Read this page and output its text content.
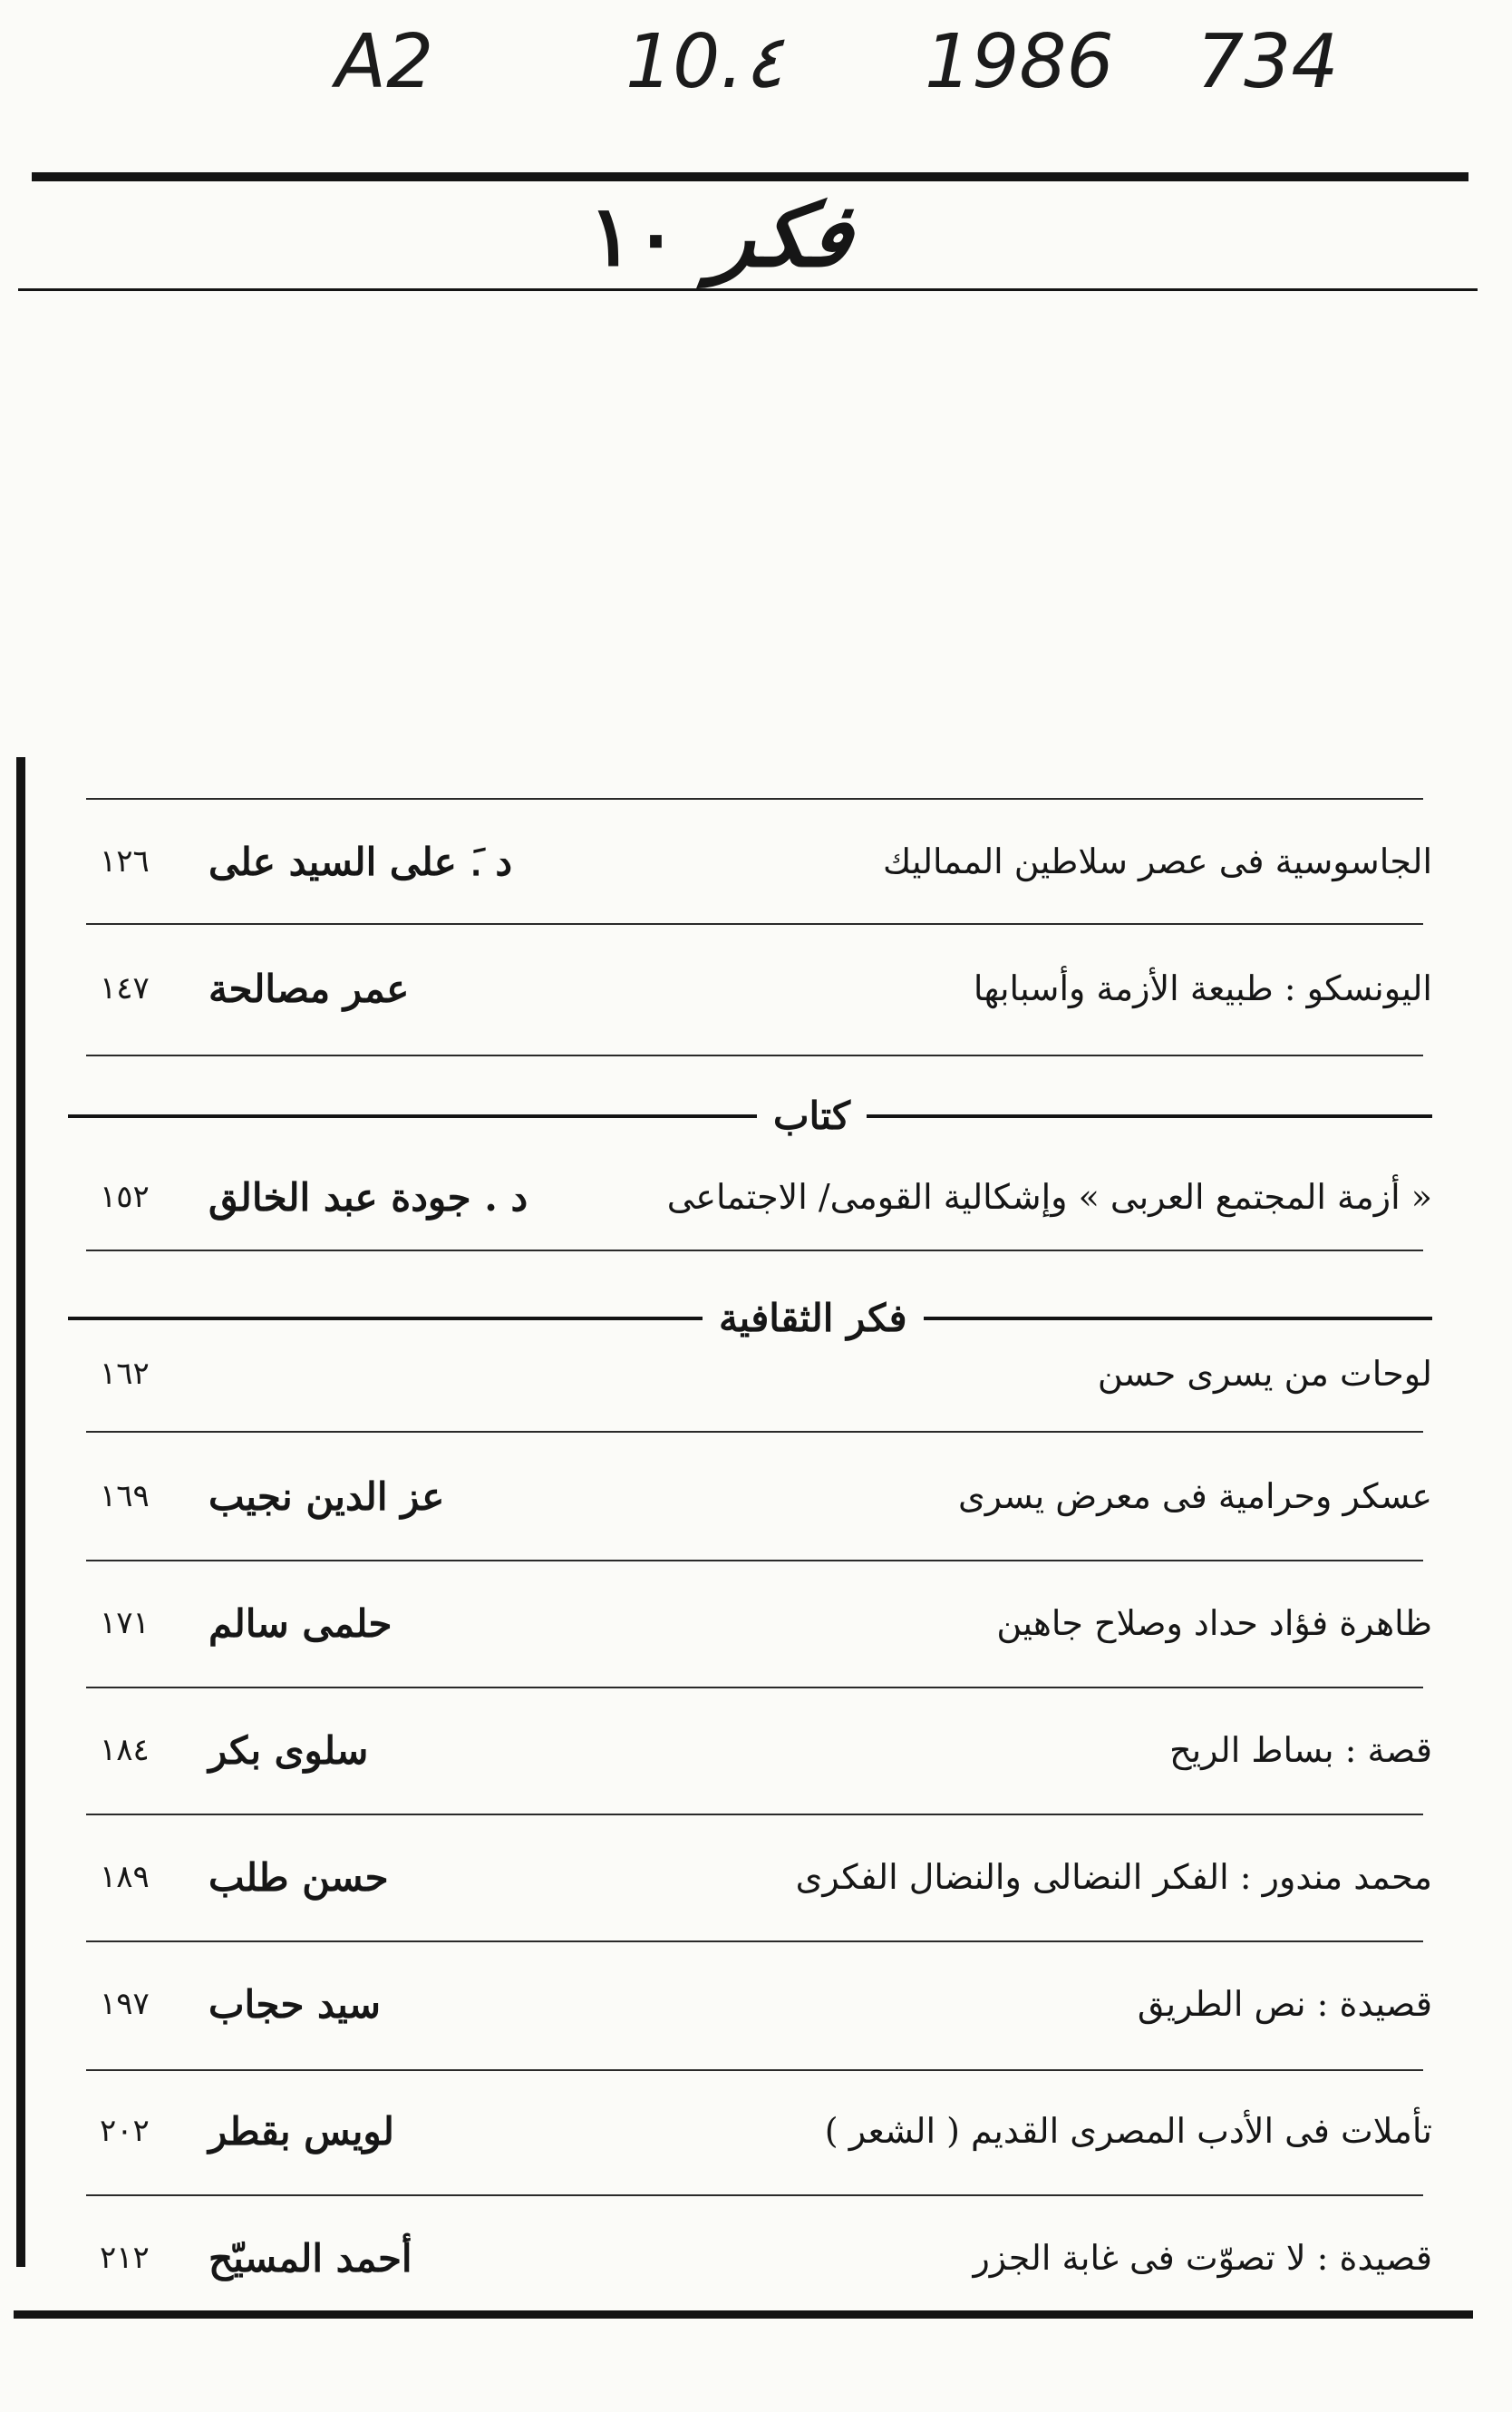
A2	10.٤ 1986 734
فكر
١٠
الجاسوسية فى عصر سلاطين المماليك
د .َ على السيد على
١٢٦
اليونسكو : طبيعة الأزمة وأسبابها
عمر مصالحة
١٤٧
كتاب
« أزمة المجتمع العربى » وإشكالية القومى/ الاجتماعى
د . جودة عبد الخالق
١٥٢
فكر الثقافية
لوحات من يسرى حسن
١٦٢
عسكر وحرامية فى معرض يسرى
عز الدين نجيب
١٦٩
ظاهرة فؤاد حداد وصلاح جاهين
حلمى سالم
١٧١
قصة : بساط الريح
سلوى بكر
١٨٤
محمد مندور : الفكر النضالى والنضال الفكرى
حسن طلب
١٨٩
قصيدة : نص الطريق
سيد حجاب
١٩٧
تأملات فى الأدب المصرى القديم ( الشعر )
لويس بقطر
٢٠٢
قصيدة : لا تصوّت فى غابة الجزر
أحمد المسيّح
٢١٢
